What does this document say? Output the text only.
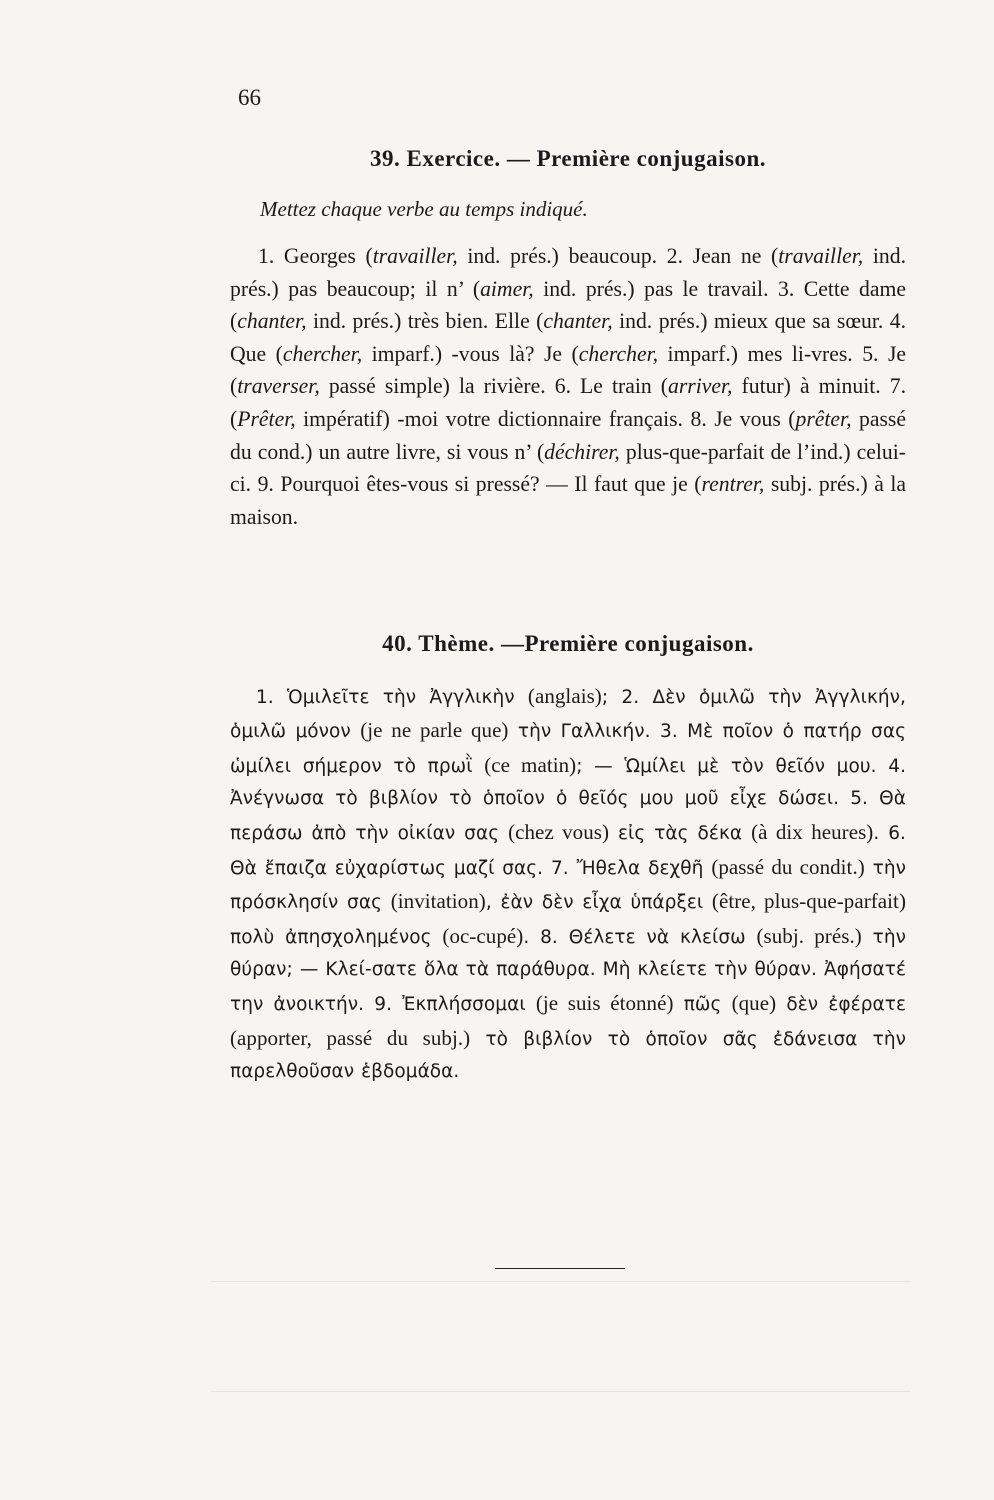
66
39. Exercice. — Première conjugaison.

Mettez chaque verbe au temps indiqué.

1. Georges (travailler, ind. prés.) beaucoup. 2. Jean ne (travailler, ind. prés.) pas beaucoup; il n’ (aimer, ind. prés.) pas le travail. 3. Cette dame (chanter, ind. prés.) très bien. Elle (chanter, ind. prés.) mieux que sa sœur. 4. Que (chercher, imparf.) -vous là? Je (chercher, imparf.) mes li-vres. 5. Je (traverser, passé simple) la rivière. 6. Le train (arriver, futur) à minuit. 7. (Prêter, impératif) -moi votre dictionnaire français. 8. Je vous (prêter, passé du cond.) un autre livre, si vous n’ (déchirer, plus-que-parfait de l’ind.) celui-ci. 9. Pourquoi êtes-vous si pressé? — Il faut que je (rentrer, subj. prés.) à la maison.

40. Thème. —Première conjugaison.

1. Ὁμιλεῖτε τὴν Ἀγγλικὴν (anglais); 2. Δὲν ὁμιλῶ τὴν Ἀγγλικήν, ὁμιλῶ μόνον (je ne parle que) τὴν Γαλλικήν. 3. Μὲ ποῖον ὁ πατήρ σας ὡμίλει σήμερον τὸ πρωῒ (ce matin); — Ὡμίλει μὲ τὸν θεῖόν μου. 4. Ἀνέγνωσα τὸ βιβλίον τὸ ὁποῖον ὁ θεῖός μου μοῦ εἶχε δώσει. 5. Θὰ περάσω ἀπὸ τὴν οἰκίαν σας (chez vous) εἰς τὰς δέκα (à dix heures). 6. Θὰ ἔπαιζα εὐχαρίστως μαζί σας. 7. Ἤθελα δεχθῆ (passé du condit.) τὴν πρόσκλησίν σας (invitation), ἐὰν δὲν εἶχα ὑπάρξει (être, plus-que-parfait) πολὺ ἀπησχολημένος (oc-cupé). 8. Θέλετε νὰ κλείσω (subj. prés.) τὴν θύραν; — Κλεί-σατε ὅλα τὰ παράθυρα. Μὴ κλείετε τὴν θύραν. Ἀφήσατέ την ἀνοικτήν. 9. Ἐκπλήσσομαι (je suis étonné) πῶς (que) δὲν ἐφέρατε (apporter, passé du subj.) τὸ βιβλίον τὸ ὁποῖον σᾶς ἐδάνεισα τὴν παρελθοῦσαν ἑβδομάδα.
